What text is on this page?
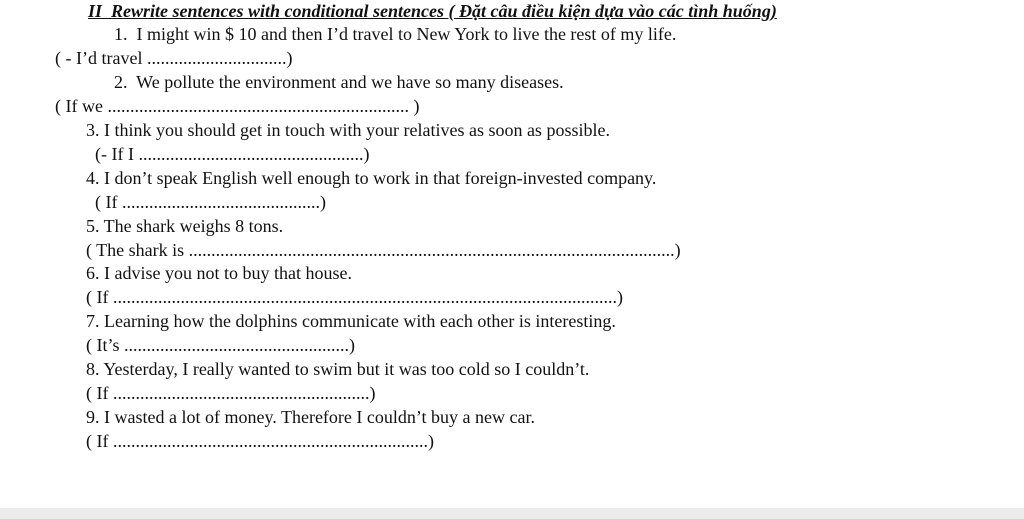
II  Rewrite sentences with conditional sentences ( Đặt câu điều kiện dựa vào các tình huống)
1.  I might win $ 10 and then I’d travel to New York to live the rest of my life.
( - I’d travel ...............................)
2.  We pollute the environment and we have so many diseases.
( If we ................................................................... )
3. I think you should get in touch with your relatives as soon as possible.
(- If I ..................................................)
4. I don’t speak English well enough to work in that foreign-invested company.
( If ............................................)
5. The shark weighs 8 tons.
( The shark is ............................................................................................................)
6. I advise you not to buy that house.
( If ................................................................................................................)
7. Learning how the dolphins communicate with each other is interesting.
( It’s ..................................................)
8. Yesterday, I really wanted to swim but it was too cold so I couldn’t.
( If .........................................................)
9. I wasted a lot of money. Therefore I couldn’t buy a new car.
( If ......................................................................)
